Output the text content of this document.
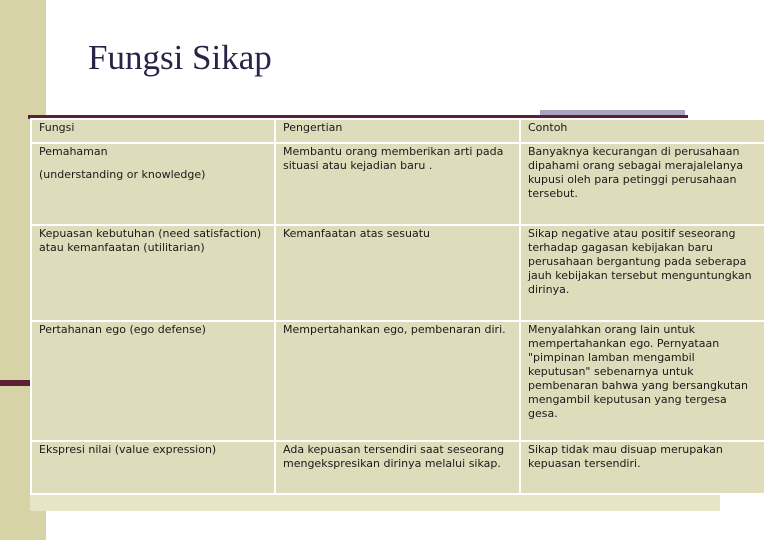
Fungsi Sikap
Fungsi	Pengertian	Contoh
Pemahaman
(understanding or knowledge)	Membantu orang memberikan arti pada situasi atau kejadian baru .	Banyaknya kecurangan di perusahaan dipahami orang sebagai merajalelanya kupusi oleh para petinggi perusahaan tersebut.
Kepuasan kebutuhan (need satisfaction) atau kemanfaatan (utilitarian)	Kemanfaatan atas sesuatu	Sikap negative atau positif seseorang terhadap gagasan kebijakan baru perusahaan bergantung pada seberapa jauh kebijakan tersebut menguntungkan dirinya.
Pertahanan ego (ego defense)	Mempertahankan ego, pembenaran diri.	Menyalahkan orang lain untuk mempertahankan ego. Pernyataan "pimpinan lamban mengambil keputusan" sebenarnya untuk pembenaran bahwa yang bersangkutan mengambil keputusan yang tergesa gesa.
Ekspresi nilai (value expression)	Ada kepuasan tersendiri saat seseorang mengekspresikan dirinya melalui sikap.	Sikap tidak mau disuap merupakan kepuasan tersendiri.
